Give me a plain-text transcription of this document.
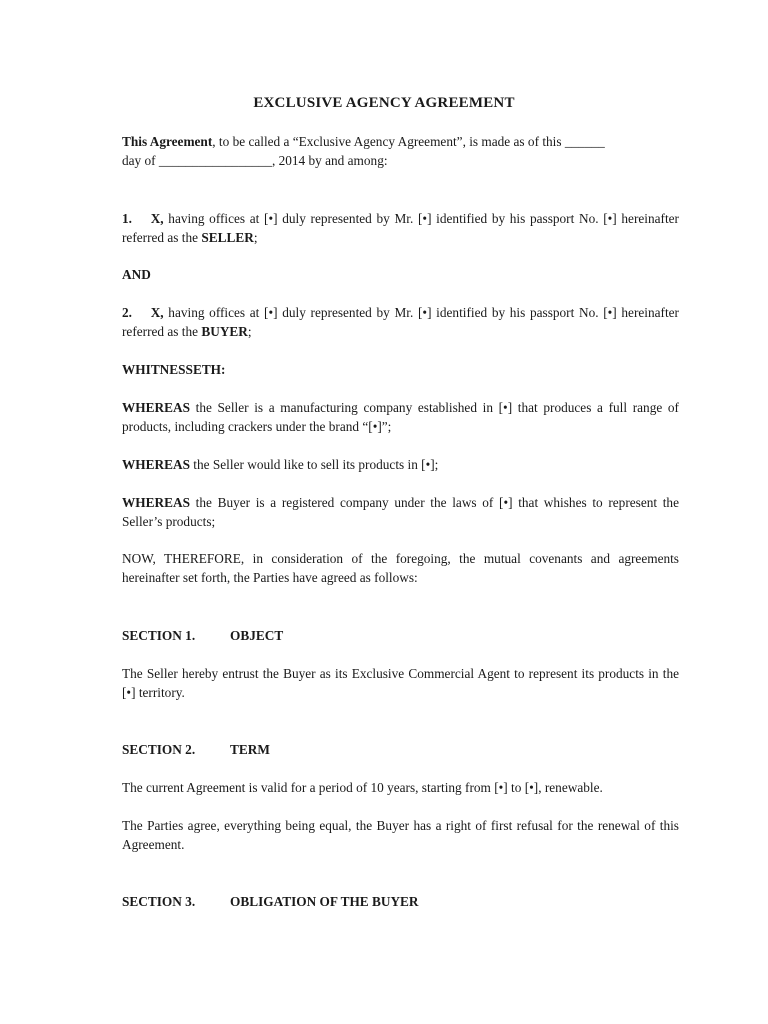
EXCLUSIVE AGENCY AGREEMENT
This Agreement, to be called a “Exclusive Agency Agreement”, is made as of this ______
day of _________________, 2014 by and among:
1. X, having offices at [•] duly represented by Mr. [•] identified by his passport No. [•] hereinafter referred as the SELLER;
AND
2. X, having offices at [•] duly represented by Mr. [•] identified by his passport No. [•] hereinafter referred as the BUYER;
WHITNESSETH:
WHEREAS the Seller is a manufacturing company established in [•] that produces a full range of products, including crackers under the brand “[•]”;
WHEREAS the Seller would like to sell its products in [•];
WHEREAS the Buyer is a registered company under the laws of [•] that whishes to represent the Seller’s products;
NOW, THEREFORE, in consideration of the foregoing, the mutual covenants and agreements hereinafter set forth, the Parties have agreed as follows:
SECTION 1.	OBJECT
The Seller hereby entrust the Buyer as its Exclusive Commercial Agent to represent its products in the [•] territory.
SECTION 2.	TERM
The current Agreement is valid for a period of 10 years, starting from [•] to [•], renewable.
The Parties agree, everything being equal, the Buyer has a right of first refusal for the renewal of this Agreement.
SECTION 3.	OBLIGATION OF THE BUYER
